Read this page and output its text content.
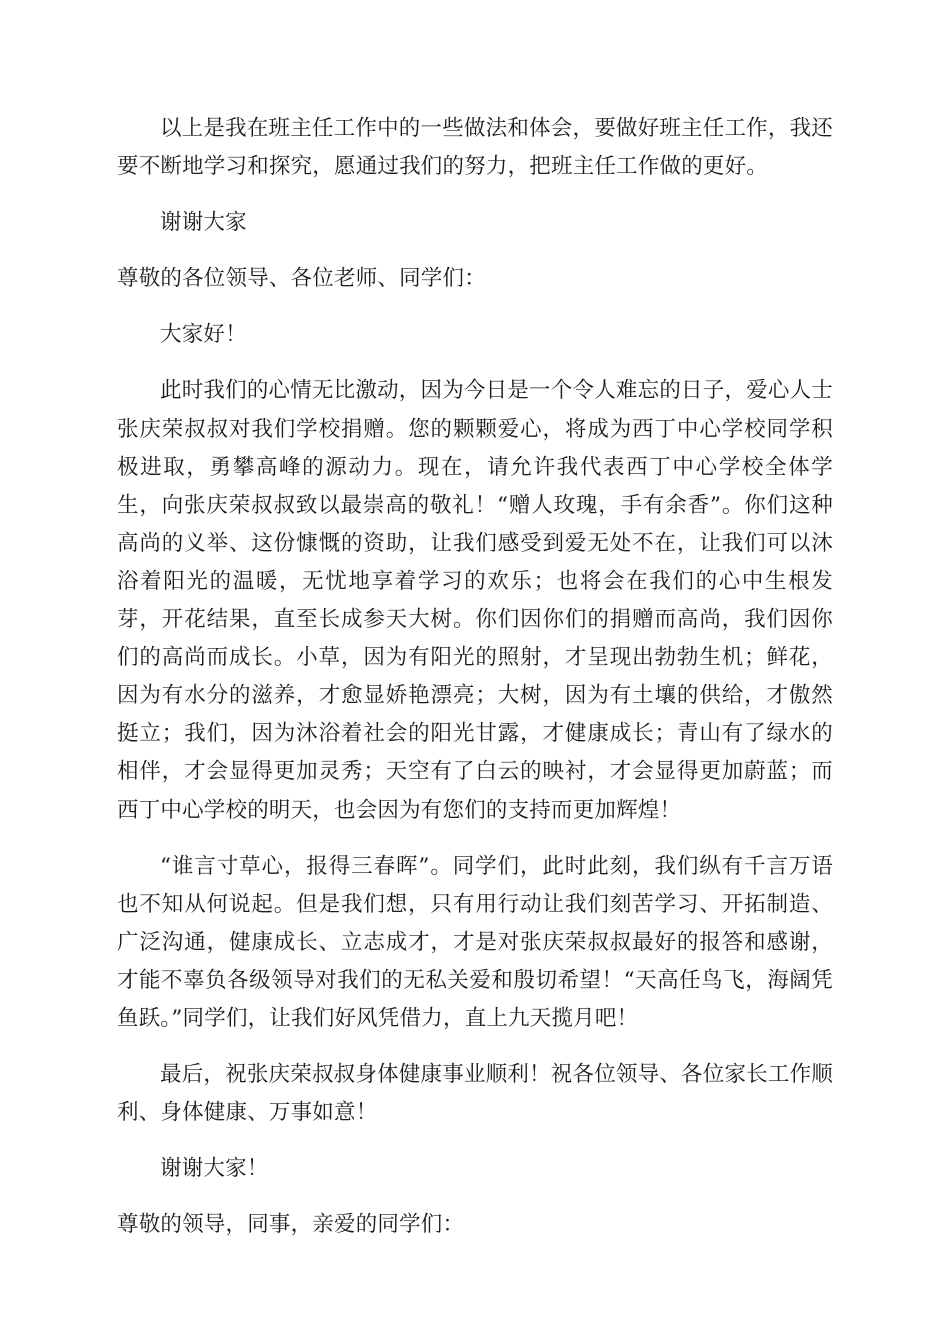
以上是我在班主任工作中的一些做法和体会，要做好班主任工作，我还要不断地学习和探究，愿通过我们的努力，把班主任工作做的更好。

谢谢大家

尊敬的各位领导、各位老师、同学们：

大家好！

此时我们的心情无比激动，因为今日是一个令人难忘的日子，爱心人士张庆荣叔叔对我们学校捐赠。您的颗颗爱心，将成为西丁中心学校同学积极进取，勇攀高峰的源动力。现在，请允许我代表西丁中心学校全体学生，向张庆荣叔叔致以最崇高的敬礼！“赠人玫瑰，手有余香”。你们这种高尚的义举、这份慷慨的资助，让我们感受到爱无处不在，让我们可以沐浴着阳光的温暖，无忧地享着学习的欢乐；也将会在我们的心中生根发芽，开花结果，直至长成参天大树。你们因你们的捐赠而高尚，我们因你们的高尚而成长。小草，因为有阳光的照射，才呈现出勃勃生机；鲜花，因为有水分的滋养，才愈显娇艳漂亮；大树，因为有土壤的供给，才傲然挺立；我们，因为沐浴着社会的阳光甘露，才健康成长；青山有了绿水的相伴，才会显得更加灵秀；天空有了白云的映衬，才会显得更加蔚蓝；而西丁中心学校的明天，也会因为有您们的支持而更加辉煌！

“谁言寸草心，报得三春晖”。同学们，此时此刻，我们纵有千言万语也不知从何说起。但是我们想，只有用行动让我们刻苦学习、开拓制造、广泛沟通，健康成长、立志成才，才是对张庆荣叔叔最好的报答和感谢，才能不辜负各级领导对我们的无私关爱和殷切希望！“天高任鸟飞，海阔凭鱼跃。”同学们，让我们好风凭借力，直上九天揽月吧！

最后，祝张庆荣叔叔身体健康事业顺利！祝各位领导、各位家长工作顺利、身体健康、万事如意！

谢谢大家！

尊敬的领导，同事，亲爱的同学们：
